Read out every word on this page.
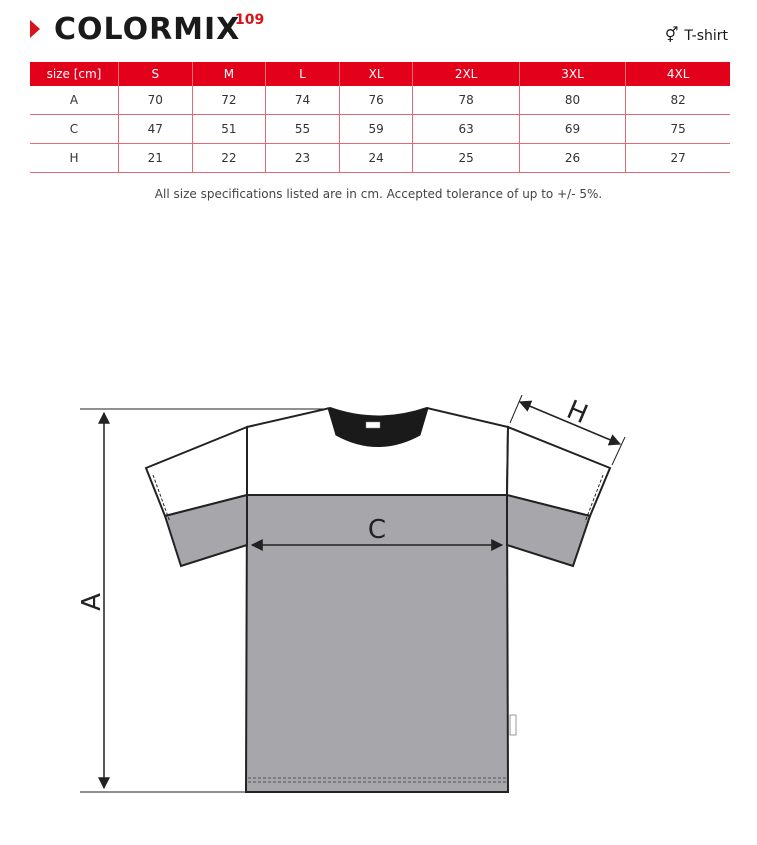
COLORMIX
109
⚥ T-shirt
size [cm]	S	M	L	XL	2XL	3XL	4XL
A	70	72	74	76	78	80	82
C	47	51	55	59	63	69	75
H	21	22	23	24	25	26	27
All size specifications listed are in cm. Accepted tolerance of up to +/- 5%.
A
C
H
